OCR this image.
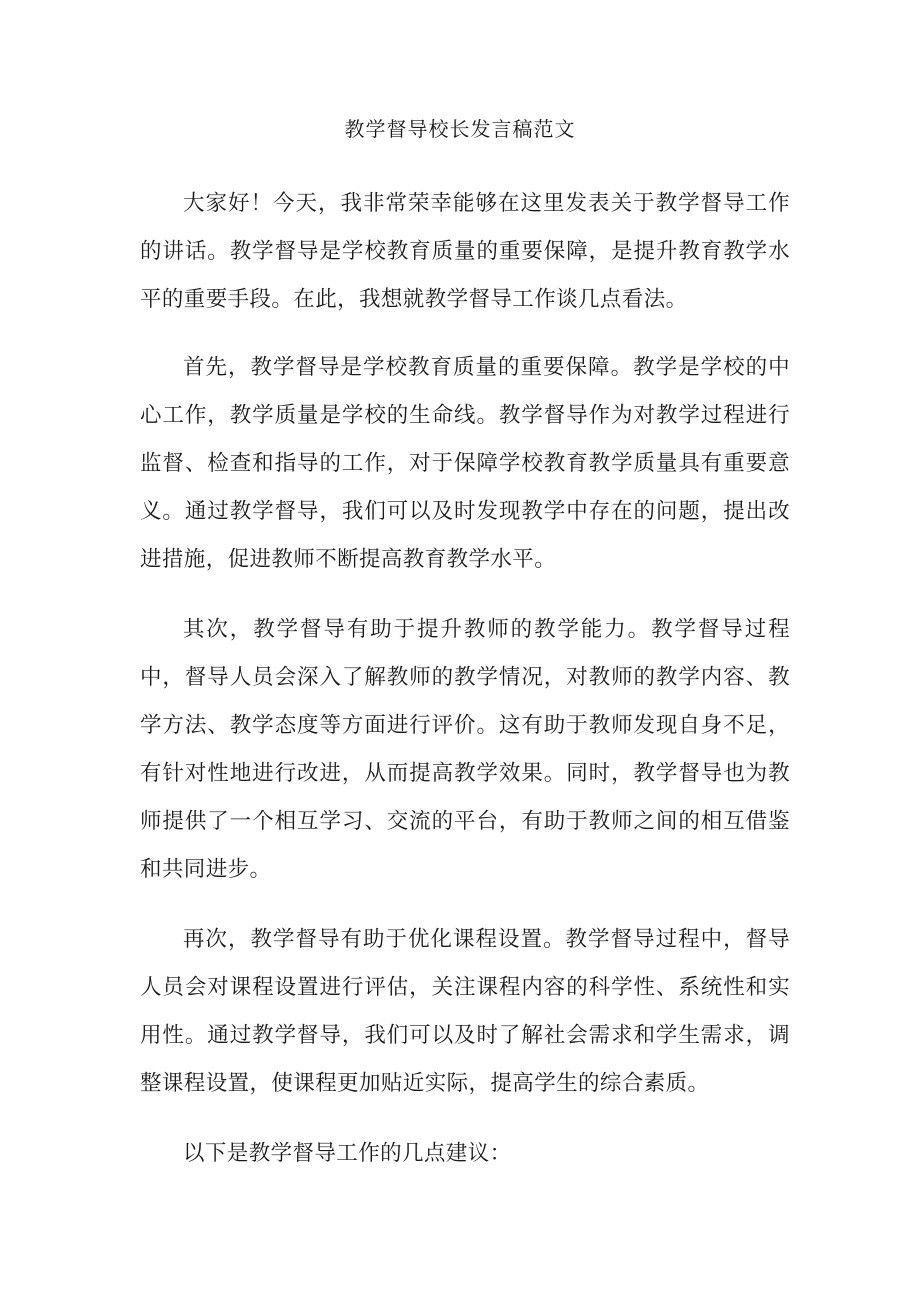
教学督导校长发言稿范文

大家好！今天，我非常荣幸能够在这里发表关于教学督导工作的讲话。教学督导是学校教育质量的重要保障，是提升教育教学水平的重要手段。在此，我想就教学督导工作谈几点看法。

首先，教学督导是学校教育质量的重要保障。教学是学校的中心工作，教学质量是学校的生命线。教学督导作为对教学过程进行监督、检查和指导的工作，对于保障学校教育教学质量具有重要意义。通过教学督导，我们可以及时发现教学中存在的问题，提出改进措施，促进教师不断提高教育教学水平。

其次，教学督导有助于提升教师的教学能力。教学督导过程中，督导人员会深入了解教师的教学情况，对教师的教学内容、教学方法、教学态度等方面进行评价。这有助于教师发现自身不足，有针对性地进行改进，从而提高教学效果。同时，教学督导也为教师提供了一个相互学习、交流的平台，有助于教师之间的相互借鉴和共同进步。

再次，教学督导有助于优化课程设置。教学督导过程中，督导人员会对课程设置进行评估，关注课程内容的科学性、系统性和实用性。通过教学督导，我们可以及时了解社会需求和学生需求，调整课程设置，使课程更加贴近实际，提高学生的综合素质。

以下是教学督导工作的几点建议：
